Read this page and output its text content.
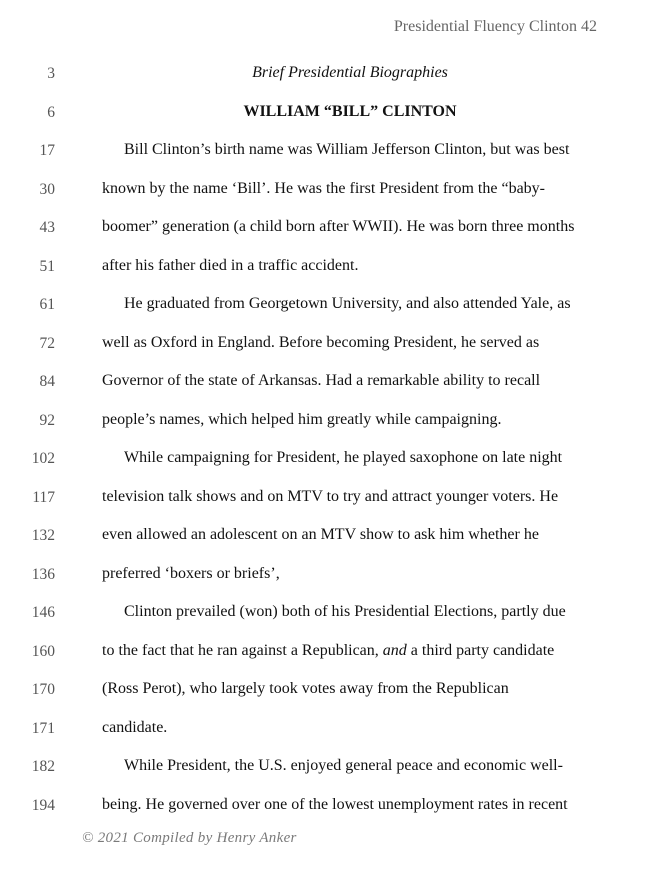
Presidential Fluency Clinton 42
3	Brief Presidential Biographies
6	WILLIAM “BILL” CLINTON
17	Bill Clinton’s birth name was William Jefferson Clinton, but was best
30	known by the name ‘Bill’. He was the first President from the “baby-
43	boomer” generation (a child born after WWII). He was born three months
51	after his father died in a traffic accident.
61	He graduated from Georgetown University, and also attended Yale, as
72	well as Oxford in England. Before becoming President, he served as
84	Governor of the state of Arkansas. Had a remarkable ability to recall
92	people’s names, which helped him greatly while campaigning.
102	While campaigning for President, he played saxophone on late night
117	television talk shows and on MTV to try and attract younger voters. He
132	even allowed an adolescent on an MTV show to ask him whether he
136	preferred ‘boxers or briefs’,
146	Clinton prevailed (won) both of his Presidential Elections, partly due
160	to the fact that he ran against a Republican, and a third party candidate
170	(Ross Perot), who largely took votes away from the Republican
171	candidate.
182	While President, the U.S. enjoyed general peace and economic well-
194	being. He governed over one of the lowest unemployment rates in recent
© 2021 Compiled by Henry Anker
